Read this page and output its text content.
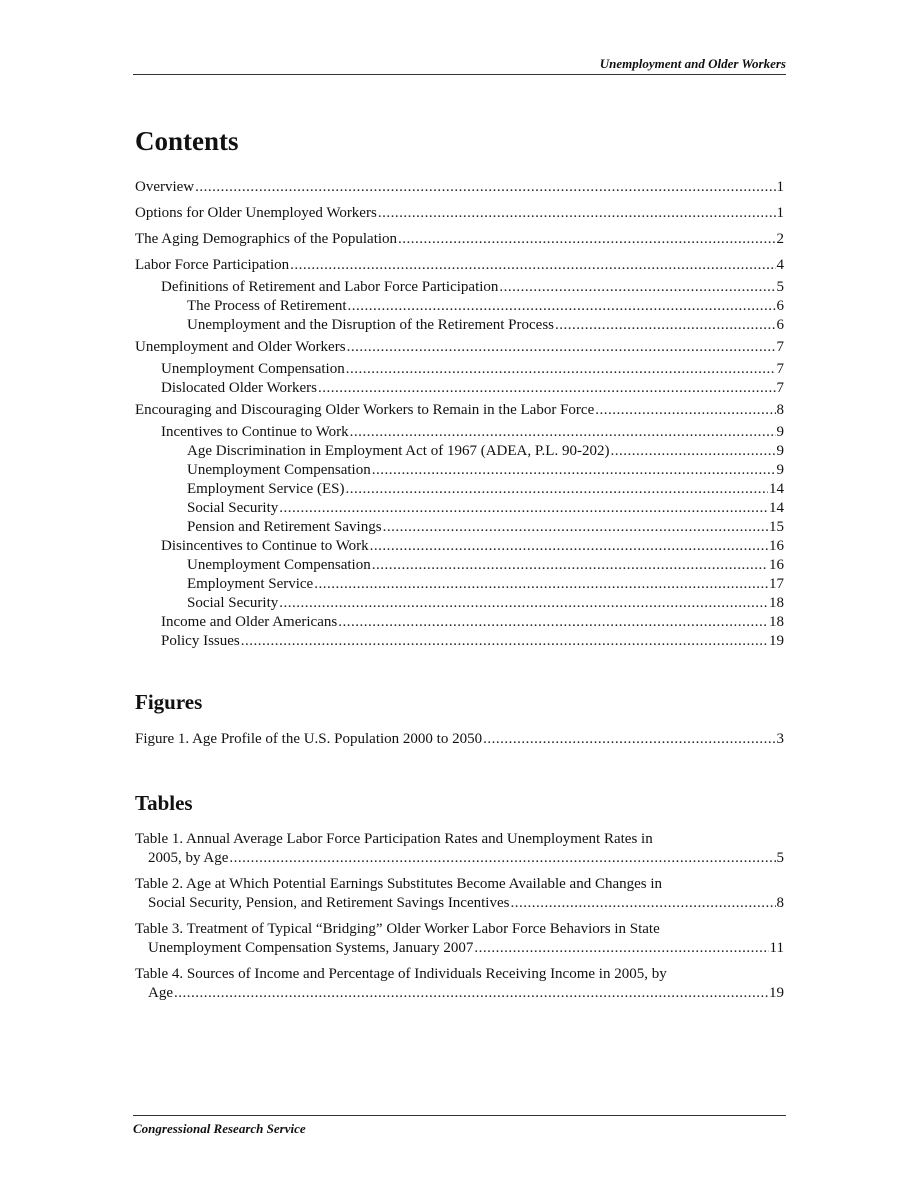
Unemployment and Older Workers
Contents
Overview .....	1
Options for Older Unemployed Workers .....	1
The Aging Demographics of the Population .....	2
Labor Force Participation .....	4
Definitions of Retirement and Labor Force Participation .....	5
The Process of Retirement .....	6
Unemployment and the Disruption of the Retirement Process .....	6
Unemployment and Older Workers .....	7
Unemployment Compensation .....	7
Dislocated Older Workers .....	7
Encouraging and Discouraging Older Workers to Remain in the Labor Force .....	8
Incentives to Continue to Work .....	9
Age Discrimination in Employment Act of 1967 (ADEA, P.L. 90-202) .....	9
Unemployment Compensation .....	9
Employment Service (ES) .....	14
Social Security .....	14
Pension and Retirement Savings .....	15
Disincentives to Continue to Work .....	16
Unemployment Compensation .....	16
Employment Service .....	17
Social Security .....	18
Income and Older Americans .....	18
Policy Issues .....	19
Figures
Figure 1. Age Profile of the U.S. Population 2000 to 2050 .....	3
Tables
Table 1. Annual Average Labor Force Participation Rates and Unemployment Rates in
2005, by Age .....	5
Table 2. Age at Which Potential Earnings Substitutes Become Available and Changes in
Social Security, Pension, and Retirement Savings Incentives .....	8
Table 3. Treatment of Typical “Bridging” Older Worker Labor Force Behaviors in State
Unemployment Compensation Systems, January 2007 .....	11
Table 4. Sources of Income and Percentage of Individuals Receiving Income in 2005, by
Age .....	19
Congressional Research Service
